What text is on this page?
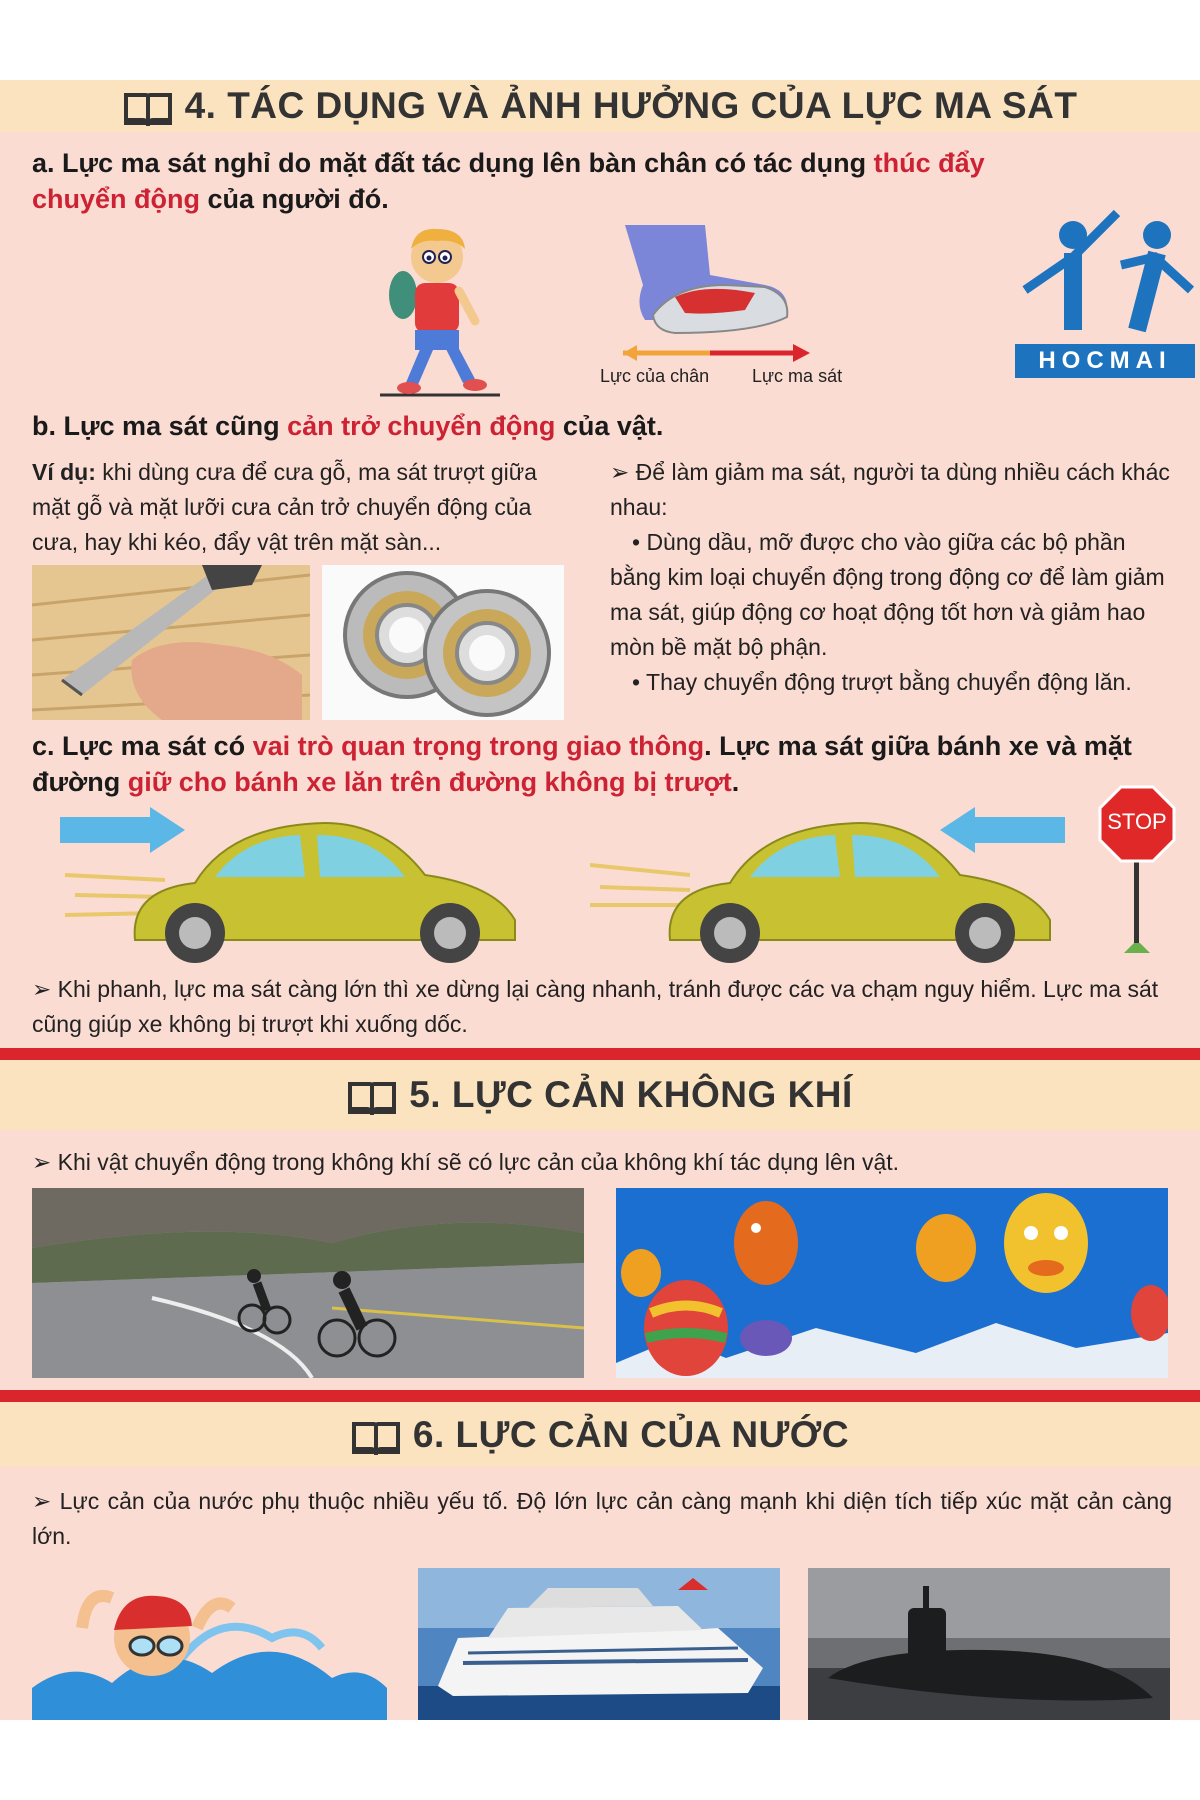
4. TÁC DỤNG VÀ ẢNH HƯỞNG CỦA LỰC MA SÁT
a. Lực ma sát nghỉ do mặt đất tác dụng lên bàn chân có tác dụng thúc đẩy chuyển động của người đó.
Lực của chân Lực ma sát
HOCMAI
b. Lực ma sát cũng cản trở chuyển động của vật.
Ví dụ: khi dùng cưa để cưa gỗ, ma sát trượt giữa mặt gỗ và mặt lưỡi cưa cản trở chuyển động của cưa, hay khi kéo, đẩy vật trên mặt sàn...
➢ Để làm giảm ma sát, người ta dùng nhiều cách khác nhau:
• Dùng dầu, mỡ được cho vào giữa các bộ phần bằng kim loại chuyển động trong động cơ để làm giảm ma sát, giúp động cơ hoạt động tốt hơn và giảm hao mòn bề mặt bộ phận.
• Thay chuyển động trượt bằng chuyển động lăn.
c. Lực ma sát có vai trò quan trọng trong giao thông. Lực ma sát giữa bánh xe và mặt đường giữ cho bánh xe lăn trên đường không bị trượt.
STOP
➢ Khi phanh, lực ma sát càng lớn thì xe dừng lại càng nhanh, tránh được các va chạm nguy hiểm. Lực ma sát cũng giúp xe không bị trượt khi xuống dốc.
5. LỰC CẢN KHÔNG KHÍ
➢ Khi vật chuyển động trong không khí sẽ có lực cản của không khí tác dụng lên vật.
6. LỰC CẢN CỦA NƯỚC
➢ Lực cản của nước phụ thuộc nhiều yếu tố. Độ lớn lực cản càng mạnh khi diện tích tiếp xúc mặt cản càng lớn.
